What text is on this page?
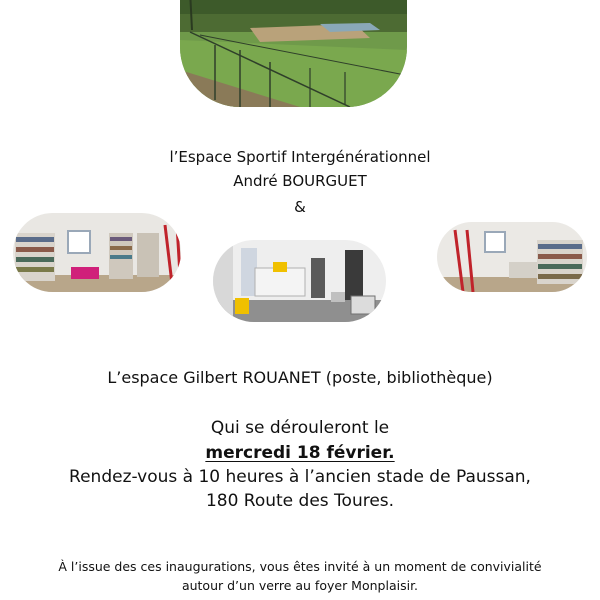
l’Espace Sportif Intergénérationnel
André BOURGUET
&
L’espace Gilbert ROUANET (poste, bibliothèque)
Qui se dérouleront le
mercredi 18 février.
Rendez-vous à 10 heures à l’ancien stade de Paussan,
180 Route des Toures.
À l’issue des ces inaugurations, vous êtes invité à un moment de convivialité
autour d’un verre au foyer Monplaisir.
